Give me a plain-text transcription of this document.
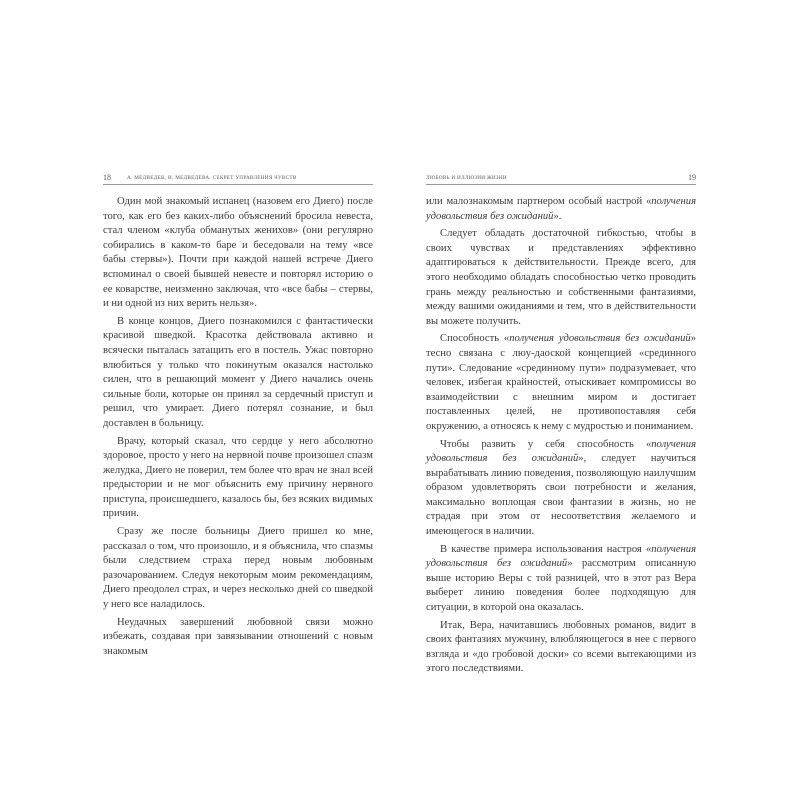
18	А. МЕДВЕДЕВ, И. МЕДВЕДЕВА. СЕКРЕТ УПРАВЛЕНИЯ ЧУВСТВ

Один мой знакомый испанец (назовем его Диего) после того, как его без каких-либо объяснений бросила невеста, стал членом «клуба обманутых женихов» (они регулярно собирались в каком-то баре и беседовали на тему «все бабы стервы»). Почти при каждой нашей встрече Диего вспоминал о своей бывшей невесте и повторял историю о ее коварстве, неизменно заключая, что «все бабы – стервы, и ни одной из них верить нельзя».

В конце концов, Диего познакомился с фантастически красивой шведкой. Красотка действовала активно и всячески пыталась затащить его в постель. Ужас повторно влюбиться у только что покинутым оказался настолько силен, что в решающий момент у Диего начались очень сильные боли, которые он принял за сердечный приступ и решил, что умирает. Диего потерял сознание, и был доставлен в больницу.

Врачу, который сказал, что сердце у него абсолютно здоровое, просто у него на нервной почве произошел спазм желудка, Диего не поверил, тем более что врач не знал всей предыстории и не мог объяснить ему причину нервного приступа, происшедшего, казалось бы, без всяких видимых причин.

Сразу же после больницы Диего пришел ко мне, рассказал о том, что произошло, и я объяснила, что спазмы были следствием страха перед новым любовным разочарованием. Следуя некоторым моим рекомендациям, Диего преодолел страх, и через несколько дней со шведкой у него все наладилось.

Неудачных завершений любовной связи можно избежать, создавая при завязывании отношений с новым знакомым

ЛЮБОВЬ И ИЛЛЮЗИИ ЖИЗНИ	19

или малознакомым партнером особый настрой «получения удовольствия без ожиданий».

Следует обладать достаточной гибкостью, чтобы в своих чувствах и представлениях эффективно адаптироваться к действительности. Прежде всего, для этого необходимо обладать способностью четко проводить грань между реальностью и собственными фантазиями, между вашими ожиданиями и тем, что в действительности вы можете получить.

Способность «получения удовольствия без ожиданий» тесно связана с люу-даоской концепцией «срединного пути». Следование «срединному пути» подразумевает, что человек, избегая крайностей, отыскивает компромиссы во взаимодействии с внешним миром и достигает поставленных целей, не противопоставляя себя окружению, а относясь к нему с мудростью и пониманием.

Чтобы развить у себя способность «получения удовольствия без ожиданий», следует научиться вырабатывать линию поведения, позволяющую наилучшим образом удовлетворять свои потребности и желания, максимально воплощая свои фантазии в жизнь, но не страдая при этом от несоответствия желаемого и имеющегося в наличии.

В качестве примера использования настроя «получения удовольствия без ожиданий» рассмотрим описанную выше историю Веры с той разницей, что в этот раз Вера выберет линию поведения более подходящую для ситуации, в которой она оказалась.

Итак, Вера, начитавшись любовных романов, видит в своих фантазиях мужчину, влюбляющегося в нее с первого взгляда и «до гробовой доски» со всеми вытекающими из этого последствиями.
